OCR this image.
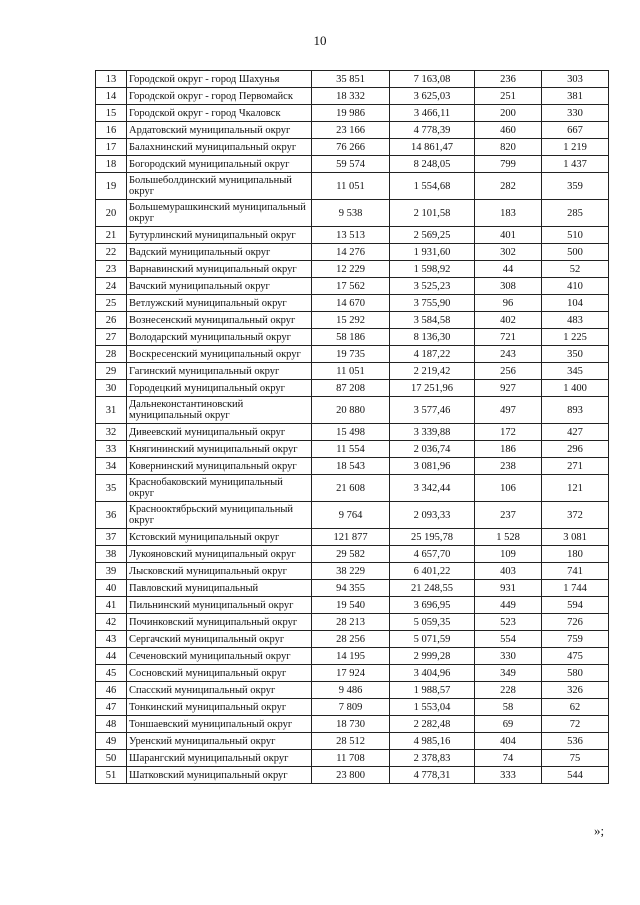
10
13	Городской округ - город Шахунья	35 851	7 163,08	236	303
14	Городской округ - город Первомайск	18 332	3 625,03	251	381
15	Городской округ - город Чкаловск	19 986	3 466,11	200	330
16	Ардатовский муниципальный округ	23 166	4 778,39	460	667
17	Балахнинский муниципальный округ	76 266	14 861,47	820	1 219
18	Богородский муниципальный округ	59 574	8 248,05	799	1 437
19	Большеболдинский муниципальный округ	11 051	1 554,68	282	359
20	Большемурашкинский муниципальный округ	9 538	2 101,58	183	285
21	Бутурлинский муниципальный округ	13 513	2 569,25	401	510
22	Вадский муниципальный округ	14 276	1 931,60	302	500
23	Варнавинский муниципальный округ	12 229	1 598,92	44	52
24	Вачский муниципальный округ	17 562	3 525,23	308	410
25	Ветлужский муниципальный округ	14 670	3 755,90	96	104
26	Вознесенский муниципальный округ	15 292	3 584,58	402	483
27	Володарский муниципальный округ	58 186	8 136,30	721	1 225
28	Воскресенский муниципальный округ	19 735	4 187,22	243	350
29	Гагинский муниципальный округ	11 051	2 219,42	256	345
30	Городецкий муниципальный округ	87 208	17 251,96	927	1 400
31	Дальнеконстантиновский муниципальный округ	20 880	3 577,46	497	893
32	Дивеевский муниципальный округ	15 498	3 339,88	172	427
33	Княгининский муниципальный округ	11 554	2 036,74	186	296
34	Ковернинский муниципальный округ	18 543	3 081,96	238	271
35	Краснобаковский муниципальный округ	21 608	3 342,44	106	121
36	Краснооктябрьский муниципальный округ	9 764	2 093,33	237	372
37	Кстовский муниципальный округ	121 877	25 195,78	1 528	3 081
38	Лукояновский муниципальный округ	29 582	4 657,70	109	180
39	Лысковский муниципальный округ	38 229	6 401,22	403	741
40	Павловский муниципальный	94 355	21 248,55	931	1 744
41	Пильнинский муниципальный округ	19 540	3 696,95	449	594
42	Починковский муниципальный округ	28 213	5 059,35	523	726
43	Сергачский муниципальный округ	28 256	5 071,59	554	759
44	Сеченовский муниципальный округ	14 195	2 999,28	330	475
45	Сосновский муниципальный округ	17 924	3 404,96	349	580
46	Спасский муниципальный округ	9 486	1 988,57	228	326
47	Тонкинский муниципальный округ	7 809	1 553,04	58	62
48	Тоншаевский муниципальный округ	18 730	2 282,48	69	72
49	Уренский муниципальный округ	28 512	4 985,16	404	536
50	Шарангский муниципальный округ	11 708	2 378,83	74	75
51	Шатковский муниципальный округ	23 800	4 778,31	333	544
»;
